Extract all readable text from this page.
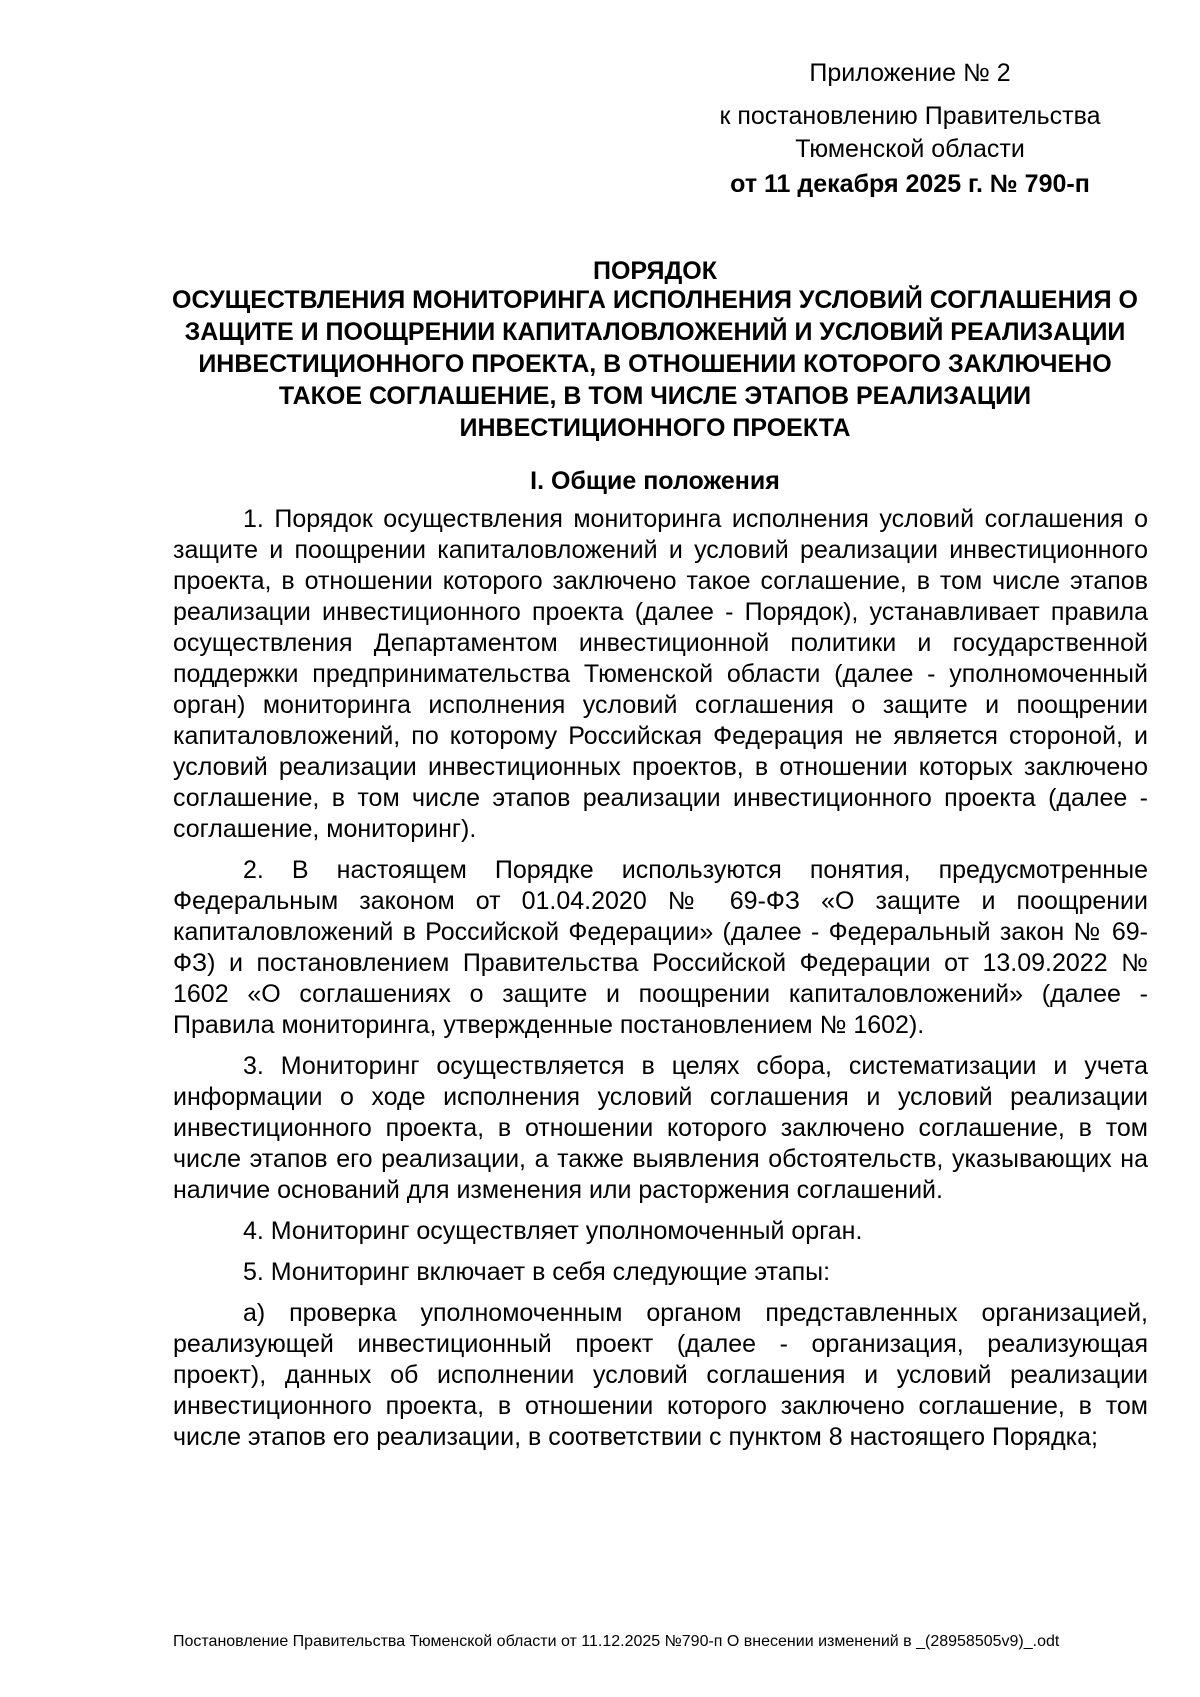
Приложение № 2
к постановлению Правительства Тюменской области
от 11 декабря 2025 г. № 790-п
ПОРЯДОК
ОСУЩЕСТВЛЕНИЯ МОНИТОРИНГА ИСПОЛНЕНИЯ УСЛОВИЙ СОГЛАШЕНИЯ О ЗАЩИТЕ И ПООЩРЕНИИ КАПИТАЛОВЛОЖЕНИЙ И УСЛОВИЙ РЕАЛИЗАЦИИ ИНВЕСТИЦИОННОГО ПРОЕКТА, В ОТНОШЕНИИ КОТОРОГО ЗАКЛЮЧЕНО ТАКОЕ СОГЛАШЕНИЕ, В ТОМ ЧИСЛЕ ЭТАПОВ РЕАЛИЗАЦИИ ИНВЕСТИЦИОННОГО ПРОЕКТА
I. Общие положения

1. Порядок осуществления мониторинга исполнения условий соглашения о защите и поощрении капиталовложений и условий реализации инвестиционного проекта, в отношении которого заключено такое соглашение, в том числе этапов реализации инвестиционного проекта (далее - Порядок), устанавливает правила осуществления Департаментом инвестиционной политики и государственной поддержки предпринимательства Тюменской области (далее - уполномоченный орган) мониторинга исполнения условий соглашения о защите и поощрении капиталовложений, по которому Российская Федерация не является стороной, и условий реализации инвестиционных проектов, в отношении которых заключено соглашение, в том числе этапов реализации инвестиционного проекта (далее - соглашение, мониторинг).

2. В настоящем Порядке используются понятия, предусмотренные Федеральным законом от 01.04.2020 № 69-ФЗ «О защите и поощрении капиталовложений в Российской Федерации» (далее - Федеральный закон № 69-ФЗ) и постановлением Правительства Российской Федерации от 13.09.2022 № 1602 «О соглашениях о защите и поощрении капиталовложений» (далее - Правила мониторинга, утвержденные постановлением № 1602).

3. Мониторинг осуществляется в целях сбора, систематизации и учета информации о ходе исполнения условий соглашения и условий реализации инвестиционного проекта, в отношении которого заключено соглашение, в том числе этапов его реализации, а также выявления обстоятельств, указывающих на наличие оснований для изменения или расторжения соглашений.

4. Мониторинг осуществляет уполномоченный орган.

5. Мониторинг включает в себя следующие этапы:

а) проверка уполномоченным органом представленных организацией, реализующей инвестиционный проект (далее - организация, реализующая проект), данных об исполнении условий соглашения и условий реализации инвестиционного проекта, в отношении которого заключено соглашение, в том числе этапов его реализации, в соответствии с пунктом 8 настоящего Порядка;

Постановление Правительства Тюменской области от 11.12.2025 №790-п О внесении изменений в _(28958505v9)_.odt
